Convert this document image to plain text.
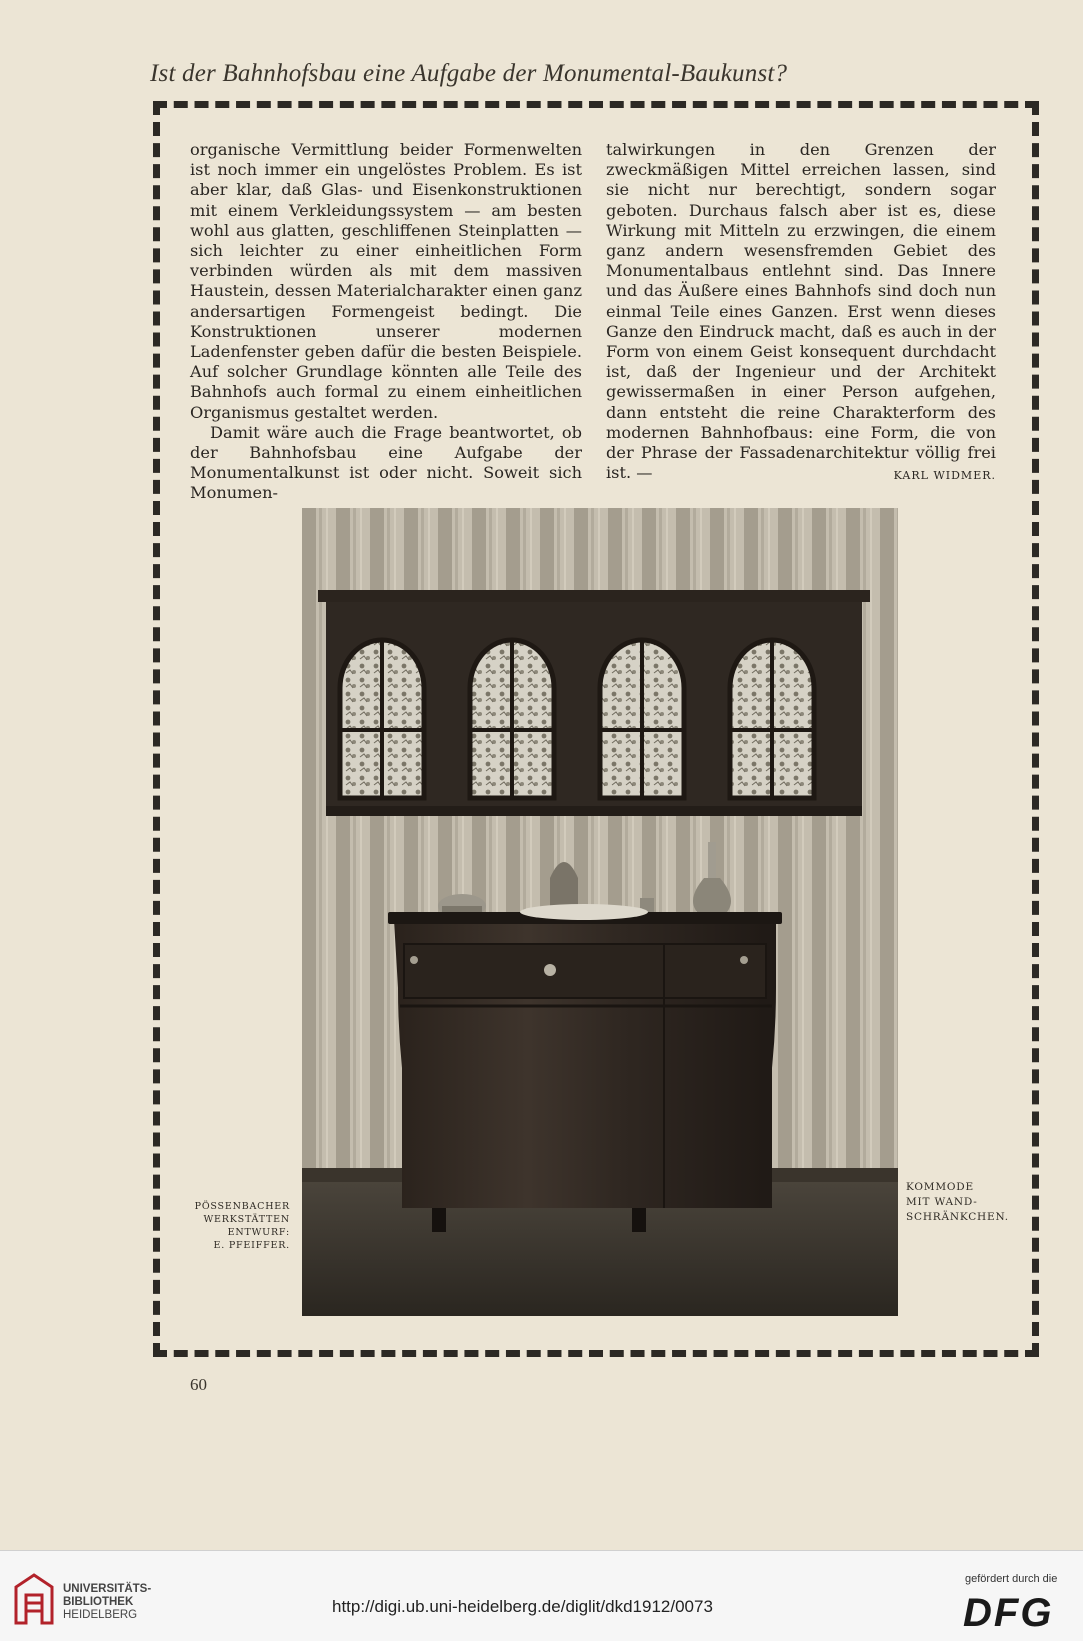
Ist der Bahnhofsbau eine Aufgabe der Monumental-Baukunst?

organische Vermittlung beider Formenwelten ist noch immer ein ungelöstes Problem. Es ist aber klar, daß Glas- und Eisenkonstruktionen mit einem Verkleidungssystem — am besten wohl aus glatten, geschliffenen Steinplatten — sich leichter zu einer einheitlichen Form verbinden würden als mit dem massiven Haustein, dessen Materialcharakter einen ganz andersartigen Formengeist bedingt. Die Konstruktionen unserer modernen Ladenfenster geben dafür die besten Beispiele. Auf solcher Grundlage könnten alle Teile des Bahnhofs auch formal zu einem einheitlichen Organismus gestaltet werden.

Damit wäre auch die Frage beantwortet, ob der Bahnhofsbau eine Aufgabe der Monumentalkunst ist oder nicht. Soweit sich Monumen-

talwirkungen in den Grenzen der zweckmäßigen Mittel erreichen lassen, sind sie nicht nur berechtigt, sondern sogar geboten. Durchaus falsch aber ist es, diese Wirkung mit Mitteln zu erzwingen, die einem ganz andern wesensfremden Gebiet des Monumentalbaus entlehnt sind. Das Innere und das Äußere eines Bahnhofs sind doch nun einmal Teile eines Ganzen. Erst wenn dieses Ganze den Eindruck macht, daß es auch in der Form von einem Geist konsequent durchdacht ist, daß der Ingenieur und der Architekt gewissermaßen in einer Person aufgehen, dann entsteht die reine Charakterform des modernen Bahnhofbaus: eine Form, die von der Phrase der Fassadenarchitektur völlig frei ist. —	KARL WIDMER.

PÖSSENBACHER
WERKSTÄTTEN
ENTWURF:
E. PFEIFFER.
KOMMODE
MIT WAND-
SCHRÄNKCHEN.
60
UNIVERSITÄTS-
BIBLIOTHEK
HEIDELBERG	http://digi.ub.uni-heidelberg.de/diglit/dkd1912/0073
gefördert durch die
DFG
